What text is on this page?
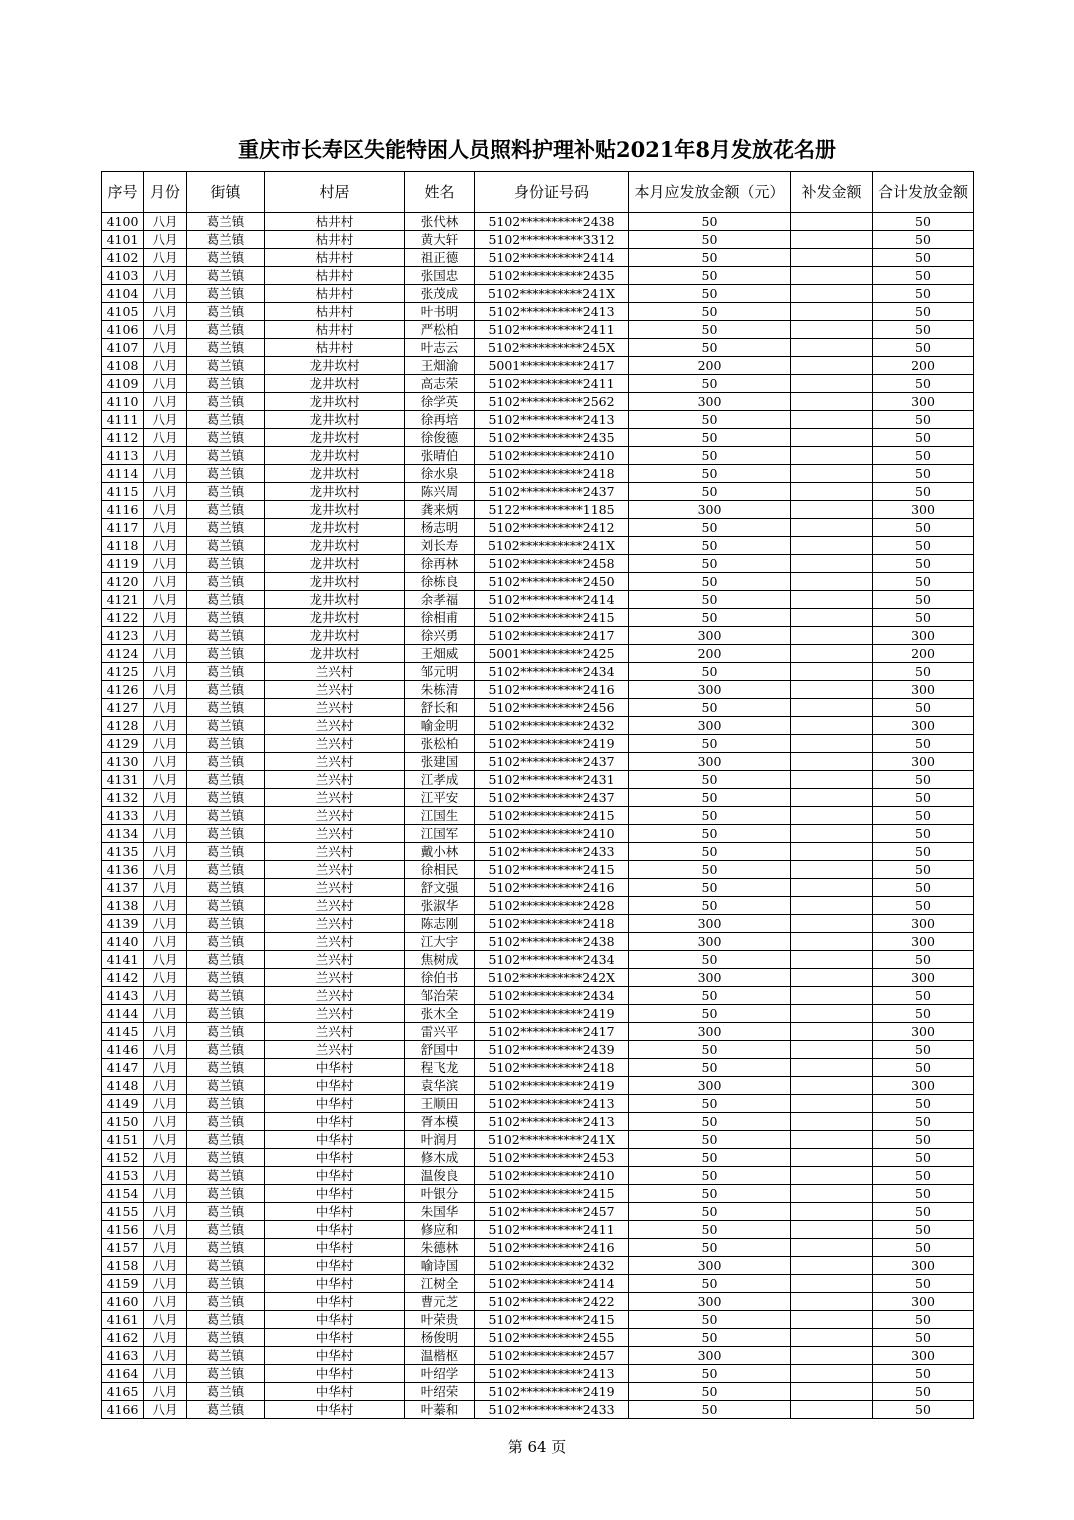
重庆市长寿区失能特困人员照料护理补贴2021年8月发放花名册
序号	月份	街镇	村居	姓名	身份证号码	本月应发放金额（元）	补发金额	合计发放金额
4100	八月	葛兰镇	枯井村	张代林	5102**********2438	50		50
4101	八月	葛兰镇	枯井村	黄大轩	5102**********3312	50		50
4102	八月	葛兰镇	枯井村	祖正德	5102**********2414	50		50
4103	八月	葛兰镇	枯井村	张国忠	5102**********2435	50		50
4104	八月	葛兰镇	枯井村	张茂成	5102**********241X	50		50
4105	八月	葛兰镇	枯井村	叶书明	5102**********2413	50		50
4106	八月	葛兰镇	枯井村	严松柏	5102**********2411	50		50
4107	八月	葛兰镇	枯井村	叶志云	5102**********245X	50		50
4108	八月	葛兰镇	龙井坎村	王畑渝	5001**********2417	200		200
4109	八月	葛兰镇	龙井坎村	高志荣	5102**********2411	50		50
4110	八月	葛兰镇	龙井坎村	徐学英	5102**********2562	300		300
4111	八月	葛兰镇	龙井坎村	徐再培	5102**********2413	50		50
4112	八月	葛兰镇	龙井坎村	徐俊德	5102**********2435	50		50
4113	八月	葛兰镇	龙井坎村	张晴伯	5102**********2410	50		50
4114	八月	葛兰镇	龙井坎村	徐水泉	5102**********2418	50		50
4115	八月	葛兰镇	龙井坎村	陈兴周	5102**********2437	50		50
4116	八月	葛兰镇	龙井坎村	龚来炳	5122**********1185	300		300
4117	八月	葛兰镇	龙井坎村	杨志明	5102**********2412	50		50
4118	八月	葛兰镇	龙井坎村	刘长寿	5102**********241X	50		50
4119	八月	葛兰镇	龙井坎村	徐再林	5102**********2458	50		50
4120	八月	葛兰镇	龙井坎村	徐栋良	5102**********2450	50		50
4121	八月	葛兰镇	龙井坎村	余孝福	5102**********2414	50		50
4122	八月	葛兰镇	龙井坎村	徐相甫	5102**********2415	50		50
4123	八月	葛兰镇	龙井坎村	徐兴勇	5102**********2417	300		300
4124	八月	葛兰镇	龙井坎村	王畑威	5001**********2425	200		200
4125	八月	葛兰镇	兰兴村	邹元明	5102**********2434	50		50
4126	八月	葛兰镇	兰兴村	朱栋清	5102**********2416	300		300
4127	八月	葛兰镇	兰兴村	舒长和	5102**********2456	50		50
4128	八月	葛兰镇	兰兴村	喻金明	5102**********2432	300		300
4129	八月	葛兰镇	兰兴村	张松柏	5102**********2419	50		50
4130	八月	葛兰镇	兰兴村	张建国	5102**********2437	300		300
4131	八月	葛兰镇	兰兴村	江孝成	5102**********2431	50		50
4132	八月	葛兰镇	兰兴村	江平安	5102**********2437	50		50
4133	八月	葛兰镇	兰兴村	江国生	5102**********2415	50		50
4134	八月	葛兰镇	兰兴村	江国军	5102**********2410	50		50
4135	八月	葛兰镇	兰兴村	戴小林	5102**********2433	50		50
4136	八月	葛兰镇	兰兴村	徐相民	5102**********2415	50		50
4137	八月	葛兰镇	兰兴村	舒文强	5102**********2416	50		50
4138	八月	葛兰镇	兰兴村	张淑华	5102**********2428	50		50
4139	八月	葛兰镇	兰兴村	陈志刚	5102**********2418	300		300
4140	八月	葛兰镇	兰兴村	江大宇	5102**********2438	300		300
4141	八月	葛兰镇	兰兴村	焦树成	5102**********2434	50		50
4142	八月	葛兰镇	兰兴村	徐伯书	5102**********242X	300		300
4143	八月	葛兰镇	兰兴村	邹治荣	5102**********2434	50		50
4144	八月	葛兰镇	兰兴村	张木全	5102**********2419	50		50
4145	八月	葛兰镇	兰兴村	雷兴平	5102**********2417	300		300
4146	八月	葛兰镇	兰兴村	舒国中	5102**********2439	50		50
4147	八月	葛兰镇	中华村	程飞龙	5102**********2418	50		50
4148	八月	葛兰镇	中华村	袁华滨	5102**********2419	300		300
4149	八月	葛兰镇	中华村	王顺田	5102**********2413	50		50
4150	八月	葛兰镇	中华村	胥本模	5102**********2413	50		50
4151	八月	葛兰镇	中华村	叶润月	5102**********241X	50		50
4152	八月	葛兰镇	中华村	修木成	5102**********2453	50		50
4153	八月	葛兰镇	中华村	温俊良	5102**********2410	50		50
4154	八月	葛兰镇	中华村	叶银分	5102**********2415	50		50
4155	八月	葛兰镇	中华村	朱国华	5102**********2457	50		50
4156	八月	葛兰镇	中华村	修应和	5102**********2411	50		50
4157	八月	葛兰镇	中华村	朱德林	5102**********2416	50		50
4158	八月	葛兰镇	中华村	喻诗国	5102**********2432	300		300
4159	八月	葛兰镇	中华村	江树全	5102**********2414	50		50
4160	八月	葛兰镇	中华村	曹元芝	5102**********2422	300		300
4161	八月	葛兰镇	中华村	叶荣贵	5102**********2415	50		50
4162	八月	葛兰镇	中华村	杨俊明	5102**********2455	50		50
4163	八月	葛兰镇	中华村	温楷枢	5102**********2457	300		300
4164	八月	葛兰镇	中华村	叶绍学	5102**********2413	50		50
4165	八月	葛兰镇	中华村	叶绍荣	5102**********2419	50		50
4166	八月	葛兰镇	中华村	叶蓁和	5102**********2433	50		50
第 64 页
